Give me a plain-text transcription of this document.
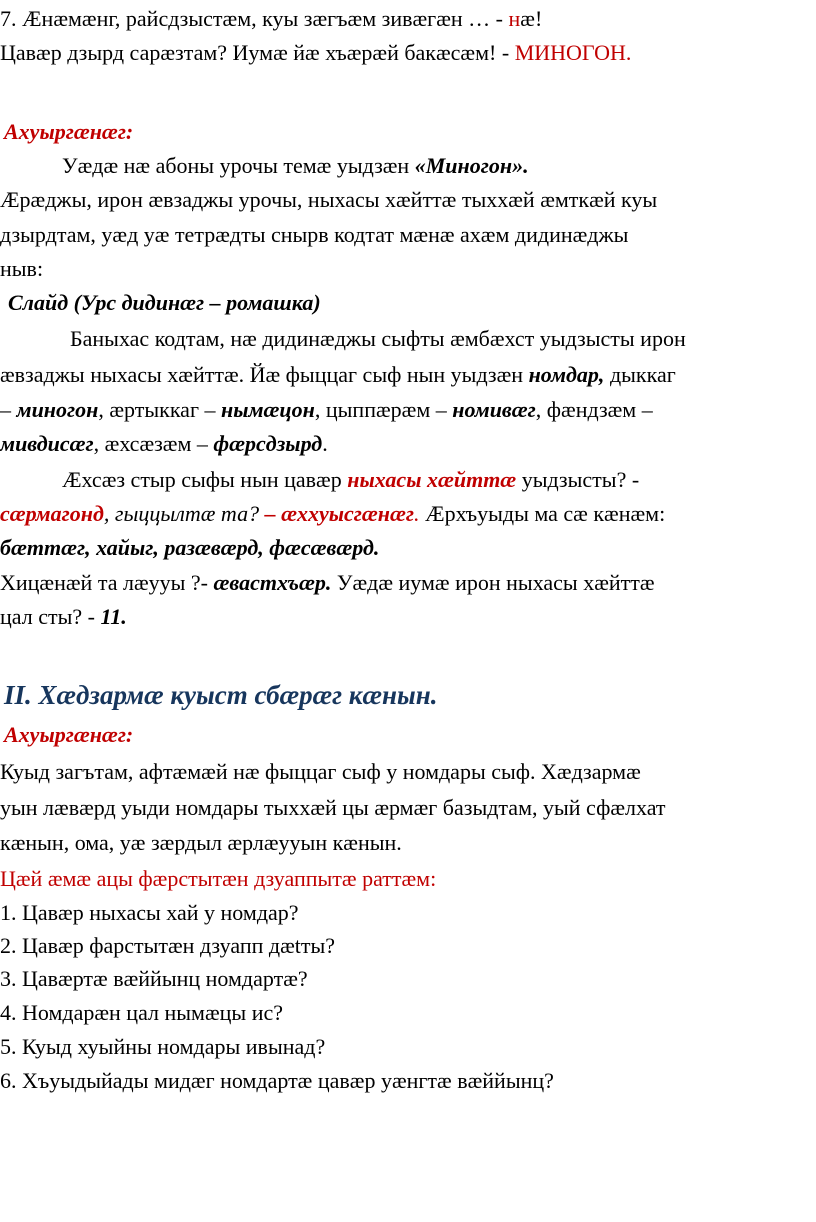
7. Æнæмæнг, райсдзыстæм, куы зæгъæм зивæгæн … - нæ!
Цавæр дзырд сарæзтам? Иумæ йæ хъæрæй бакæсæм! - МИНОГОН.
Ахуыргæнæг:
Уæдæ нæ абоны урочы темæ уыдзæн «Миногон».
Æрæджы, ирон æвзаджы урочы, ныхасы хæйттæ тыххæй æмткæй куы
дзырдтам, уæд уæ тетрæдты снырв кодтат мæнæ ахæм дидинæджы
ныв:
Слайд (Урс дидинæг – ромашка)
Баныхас кодтам, нæ дидинæджы сыфты æмбæхст уыдзысты ирон
æвзаджы ныхасы хæйттæ. Йæ фыццаг сыф нын уыдзæн номдар, дыккаг
– миногон, æртыккаг – нымæцон, цыппæрæм – номивæг, фæндзæм –
мивдисæг, æхсæзæм – фæрсдзырд.
Æхсæз стыр сыфы нын цавæр ныхасы хæйттæ уыдзысты? -
сæрмагонд, гыццылтæ та? – æххуысгæнæг. Æрхъуыды ма сæ кæнæм:
бæттæг, хайыг, разæвæрд, фæсæвæрд.
Хицæнæй та лæууы ?- æвастхъæр. Уæдæ иумæ ирон ныхасы хæйттæ
цал сты? - 11.
II. Хæдзармæ куыст сбæрæг кæнын.
Ахуыргæнæг:
Куыд загътам, афтæмæй нæ фыццаг сыф у номдары сыф. Хæдзармæ
уын лæвæрд уыди номдары тыххæй цы æрмæг базыдтам, уый сфæлхат
кæнын, ома, уæ зæрдыл æрлæууын кæнын.
Цæй æмæ ацы фæрстытæн дзуаппытæ раттæм:
1. Цавæр ныхасы хай у номдар?
2. Цавæр фарстытæн дзуапп дætты?
3. Цавæртæ вæййынц номдартæ?
4. Номдарæн цал нымæцы ис?
5. Куыд хуыйны номдары ивынад?
6. Хъуыдыйады мидæг номдартæ цавæр уæнгтæ вæййынц?
